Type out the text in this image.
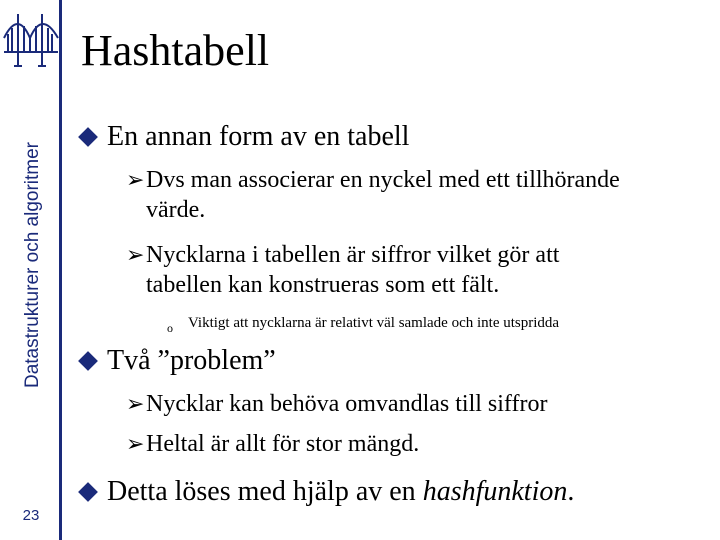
Datastrukturer och algoritmer
23
Hashtabell
En annan form av en tabell
➢Dvs man associerar en nyckel med ett tillhörande
värde.
➢Nycklarna i tabellen är siffror vilket gör att
tabellen kan konstrueras som ett fält.
o Viktigt att nycklarna är relativt väl samlade och inte utspridda
Två ”problem”
➢Nycklar kan behöva omvandlas till siffror
➢Heltal är allt för stor mängd.
Detta löses med hjälp av en hashfunktion.
